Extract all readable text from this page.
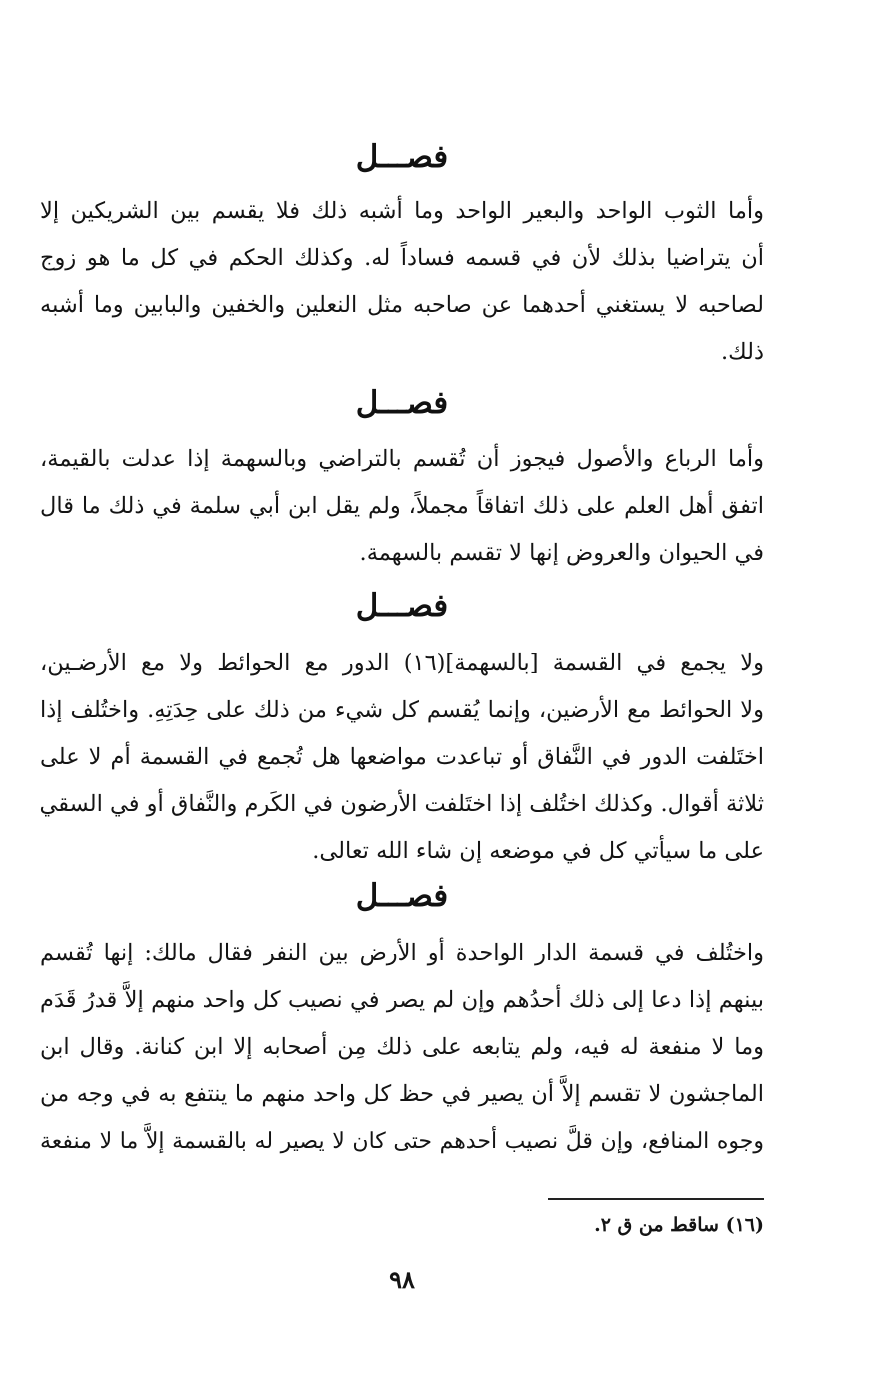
فصـــل
وأما الثوب الواحد والبعير الواحد وما أشبه ذلك فلا يقسم بين الشريكين إلا
أن يتراضيا بذلك لأن في قسمه فساداً له. وكذلك الحكم في كل ما هو زوج
لصاحبه لا يستغني أحدهما عن صاحبه مثل النعلين والخفين والبابين وما أشبه
ذلك.
فصـــل
وأما الرباع والأصول فيجوز أن تُقسم بالتراضي وبالسهمة إذا عدلت بالقيمة،
اتفق أهل العلم على ذلك اتفاقاً مجملاً، ولم يقل ابن أبي سلمة في ذلك ما قال
في الحيوان والعروض إنها لا تقسم بالسهمة.
فصـــل
ولا يجمع في القسمة [بالسهمة](١٦) الدور مع الحوائط ولا مع الأرضـين،
ولا الحوائط مع الأرضين، وإنما يُقسم كل شيء من ذلك على حِدَتِهِ. واختُلف إذا
اختَلفت الدور في النَّفاق أو تباعدت مواضعها هل تُجمع في القسمة أم لا على
ثلاثة أقوال. وكذلك اختُلف إذا اختَلفت الأرضون في الكَرم والنَّفاق أو في السقي
على ما سيأتي كل في موضعه إن شاء الله تعالى.
فصـــل
واختُلف في قسمة الدار الواحدة أو الأرض بين النفر فقال مالك: إنها تُقسم
بينهم إذا دعا إلى ذلك أحدُهم وإن لم يصر في نصيب كل واحد منهم إلاَّ قدرُ قَدَم
وما لا منفعة له فيه، ولم يتابعه على ذلك مِن أصحابه إلا ابن كنانة. وقال ابن
الماجشون لا تقسم إلاَّ أن يصير في حظ كل واحد منهم ما ينتفع به في وجه من
وجوه المنافع، وإن قلَّ نصيب أحدهم حتى كان لا يصير له بالقسمة إلاَّ ما لا منفعة
(١٦) ساقط من ق ٢.
٩٨
